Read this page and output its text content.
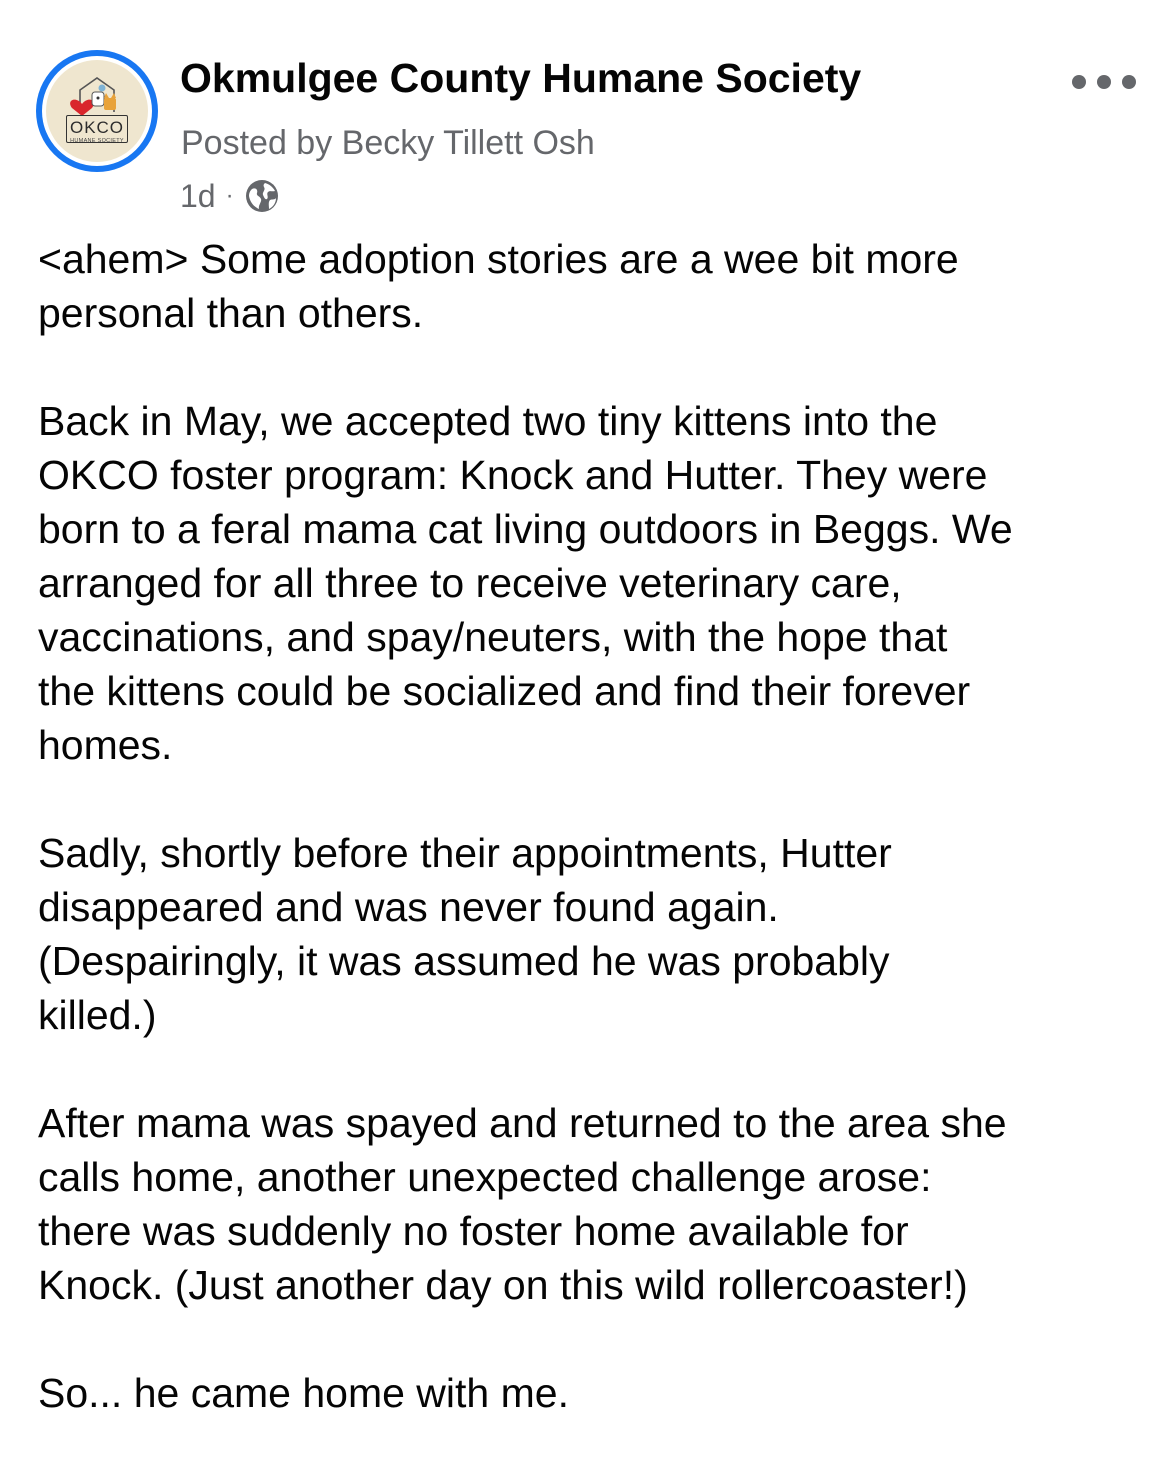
OKCO
HUMANE SOCIETY
Okmulgee County Humane Society
Posted by Becky Tillett Osh
1d ·

<ahem> Some adoption stories are a wee bit more
personal than others.

Back in May, we accepted two tiny kittens into the
OKCO foster program: Knock and Hutter. They were
born to a feral mama cat living outdoors in Beggs. We
arranged for all three to receive veterinary care,
vaccinations, and spay/neuters, with the hope that
the kittens could be socialized and find their forever
homes.

Sadly, shortly before their appointments, Hutter
disappeared and was never found again.
(Despairingly, it was assumed he was probably
killed.)

After mama was spayed and returned to the area she
calls home, another unexpected challenge arose:
there was suddenly no foster home available for
Knock. (Just another day on this wild rollercoaster!)

So... he came home with me.
